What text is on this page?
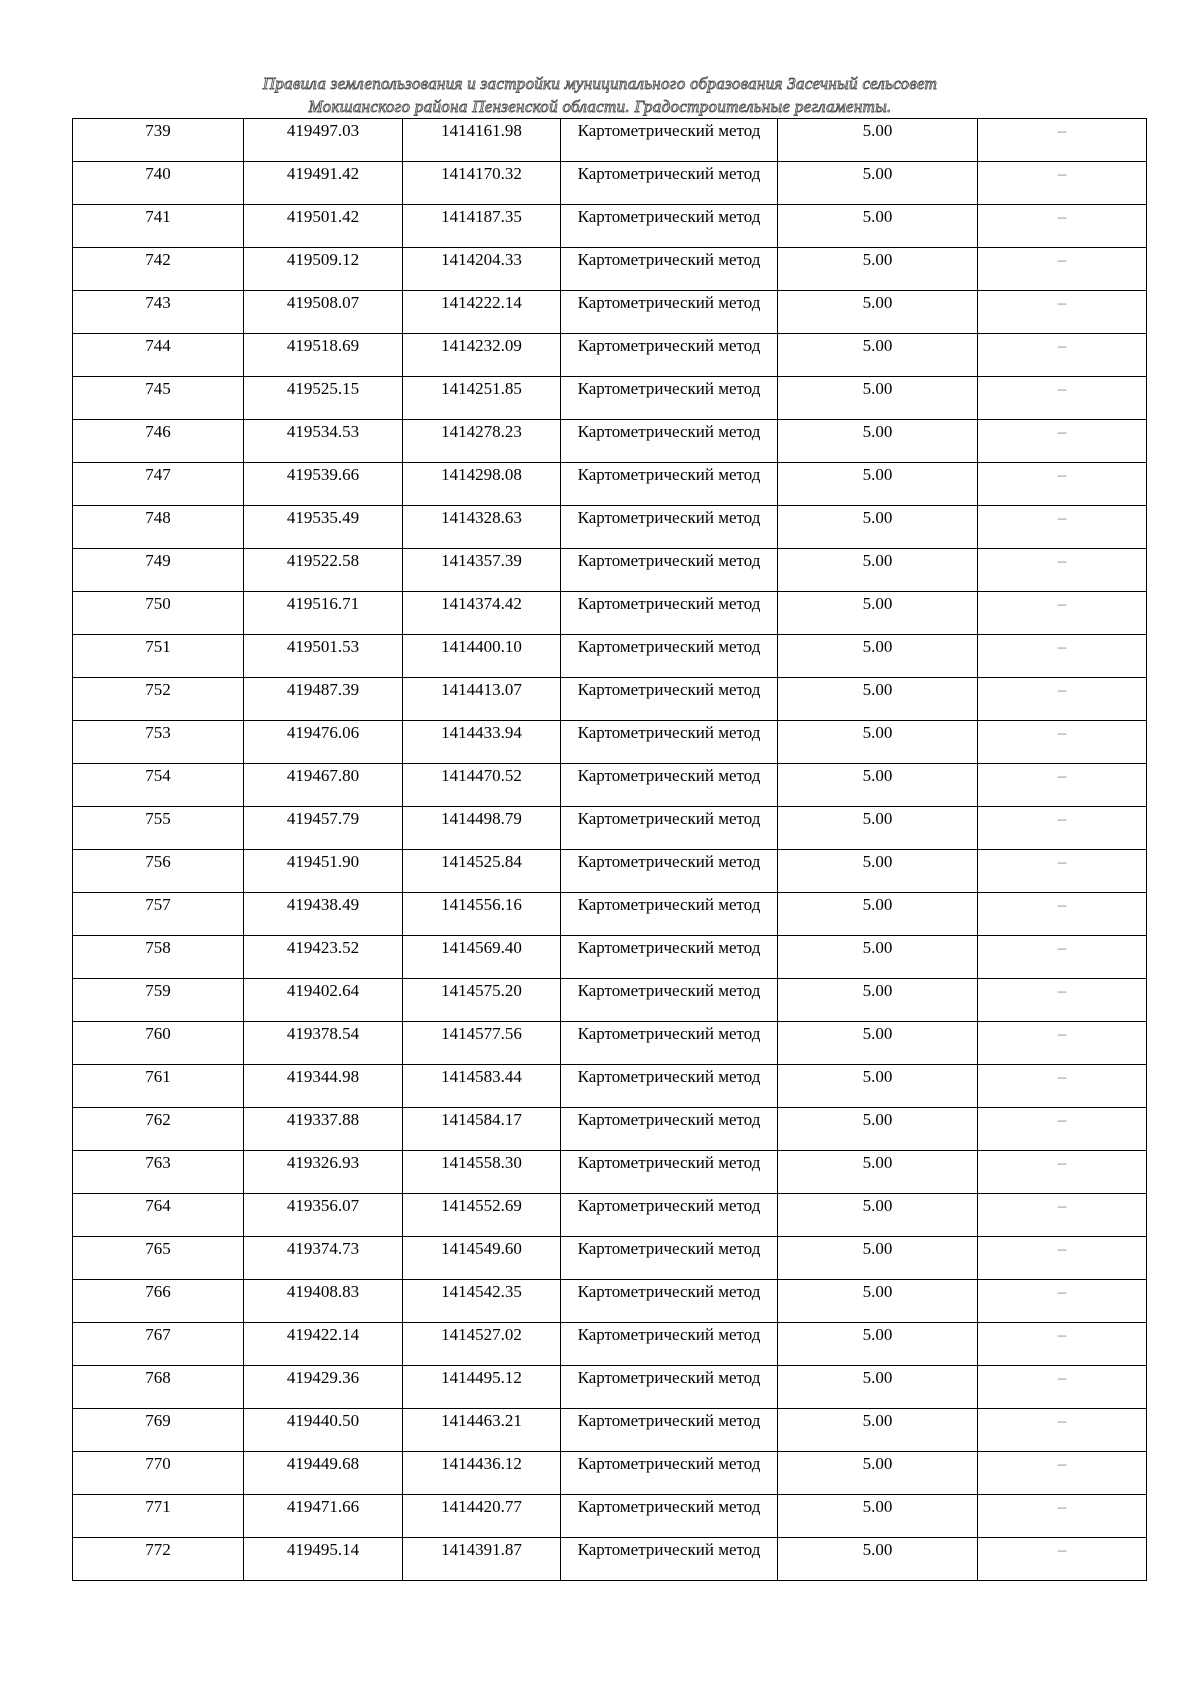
Правила землепользования и застройки муниципального образования Засечный сельсовет
Мокшанского района Пензенской области. Градостроительные регламенты.
739	419497.03	1414161.98	Картометрический метод	5.00	–

740	419491.42	1414170.32	Картометрический метод	5.00	–

741	419501.42	1414187.35	Картометрический метод	5.00	–

742	419509.12	1414204.33	Картометрический метод	5.00	–

743	419508.07	1414222.14	Картометрический метод	5.00	–

744	419518.69	1414232.09	Картометрический метод	5.00	–

745	419525.15	1414251.85	Картометрический метод	5.00	–

746	419534.53	1414278.23	Картометрический метод	5.00	–

747	419539.66	1414298.08	Картометрический метод	5.00	–

748	419535.49	1414328.63	Картометрический метод	5.00	–

749	419522.58	1414357.39	Картометрический метод	5.00	–

750	419516.71	1414374.42	Картометрический метод	5.00	–

751	419501.53	1414400.10	Картометрический метод	5.00	–

752	419487.39	1414413.07	Картометрический метод	5.00	–

753	419476.06	1414433.94	Картометрический метод	5.00	–

754	419467.80	1414470.52	Картометрический метод	5.00	–

755	419457.79	1414498.79	Картометрический метод	5.00	–

756	419451.90	1414525.84	Картометрический метод	5.00	–

757	419438.49	1414556.16	Картометрический метод	5.00	–

758	419423.52	1414569.40	Картометрический метод	5.00	–

759	419402.64	1414575.20	Картометрический метод	5.00	–

760	419378.54	1414577.56	Картометрический метод	5.00	–

761	419344.98	1414583.44	Картометрический метод	5.00	–

762	419337.88	1414584.17	Картометрический метод	5.00	–

763	419326.93	1414558.30	Картометрический метод	5.00	–

764	419356.07	1414552.69	Картометрический метод	5.00	–

765	419374.73	1414549.60	Картометрический метод	5.00	–

766	419408.83	1414542.35	Картометрический метод	5.00	–

767	419422.14	1414527.02	Картометрический метод	5.00	–

768	419429.36	1414495.12	Картометрический метод	5.00	–

769	419440.50	1414463.21	Картометрический метод	5.00	–

770	419449.68	1414436.12	Картометрический метод	5.00	–

771	419471.66	1414420.77	Картометрический метод	5.00	–

772	419495.14	1414391.87	Картометрический метод	5.00	–
